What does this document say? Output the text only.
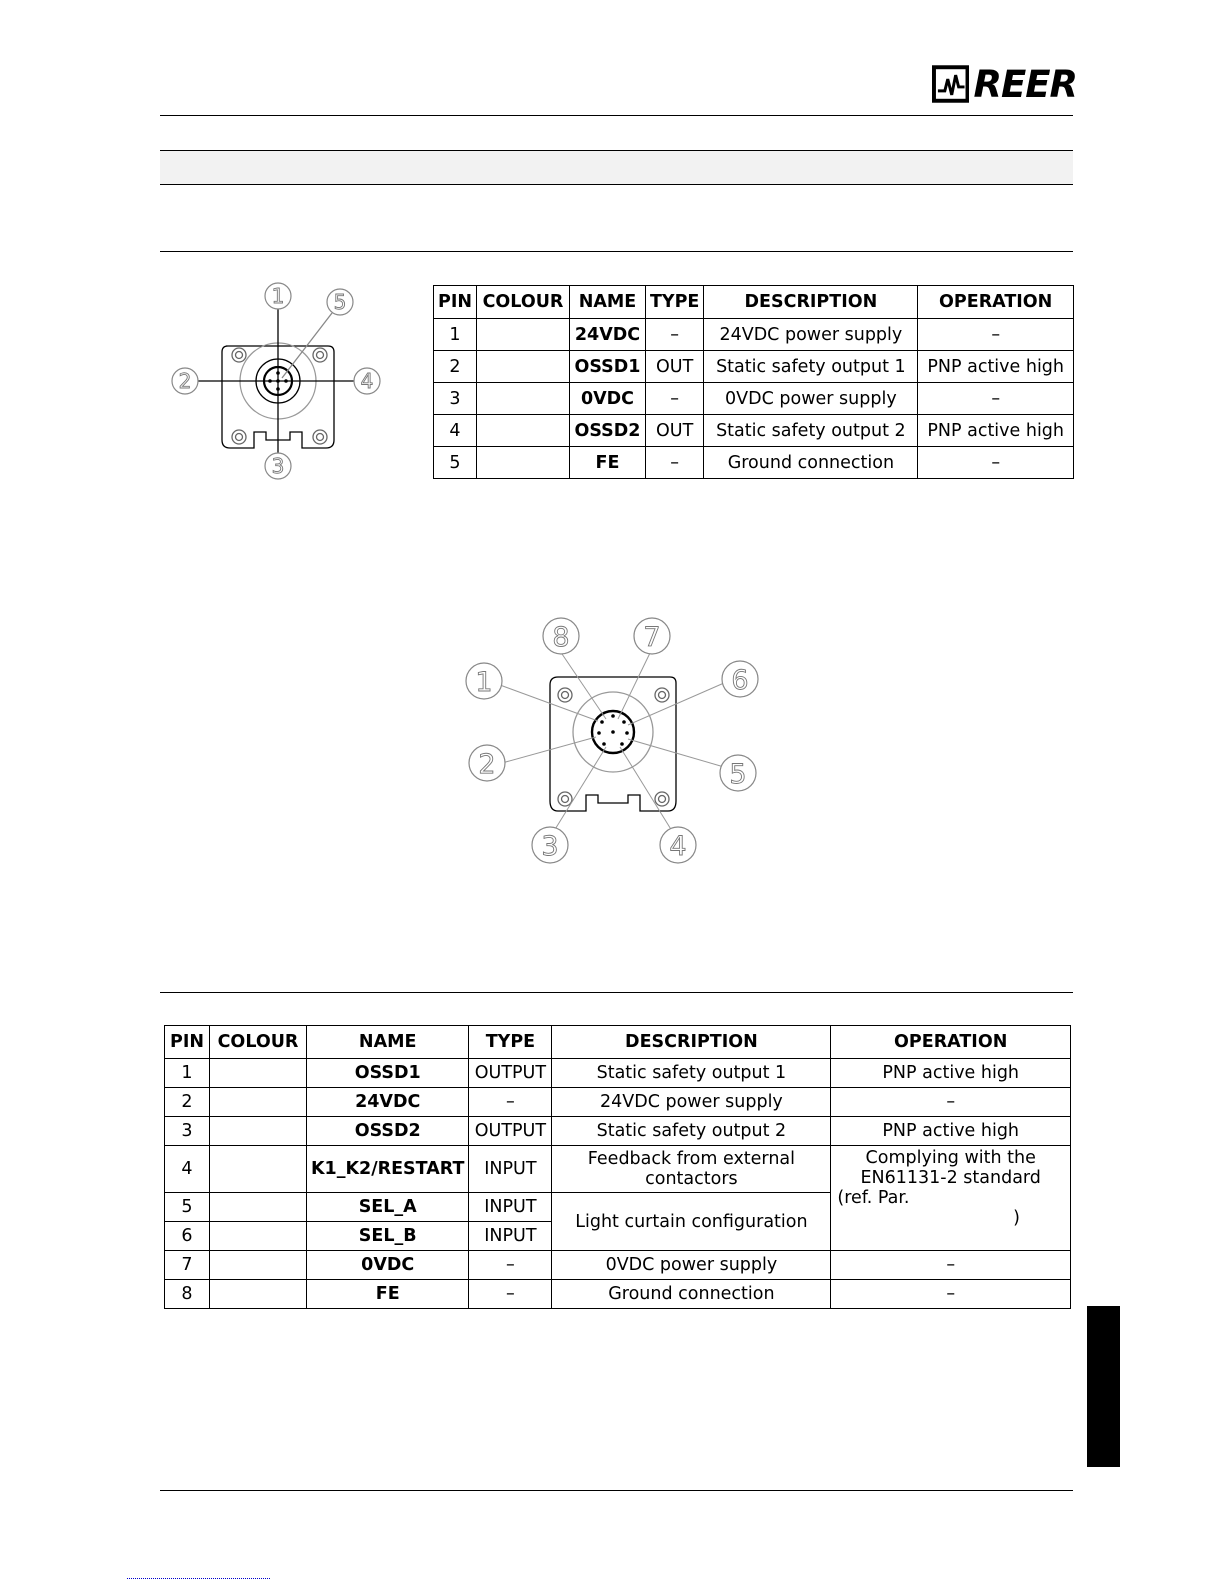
REER
1
2
3
4
5	PIN	COLOUR	NAME	TYPE	DESCRIPTION	OPERATION
1		24VDC	–	24VDC power supply	–
2		OSSD1	OUT	Static safety output 1	PNP active high
3		0VDC	–	0VDC power supply	–
4		OSSD2	OUT	Static safety output 2	PNP active high
5		FE	–	Ground connection	–
1
2
3	4
5
6
7
8
PIN	COLOUR	NAME	TYPE	DESCRIPTION	OPERATION
1		OSSD1	OUTPUT	Static safety output 1	PNP active high
2		24VDC	–	24VDC power supply	–
3		OSSD2	OUTPUT	Static safety output 2	PNP active high
4		K1_K2/RESTART	INPUT	Feedback from external contactors	Complying with the
EN61131-2 standard
(ref. Par.

)

5		SEL_A	INPUT	Light curtain configuration	
6		SEL_B	INPUT		
7		0VDC	–	0VDC power supply	–
8		FE	–	Ground connection	–
